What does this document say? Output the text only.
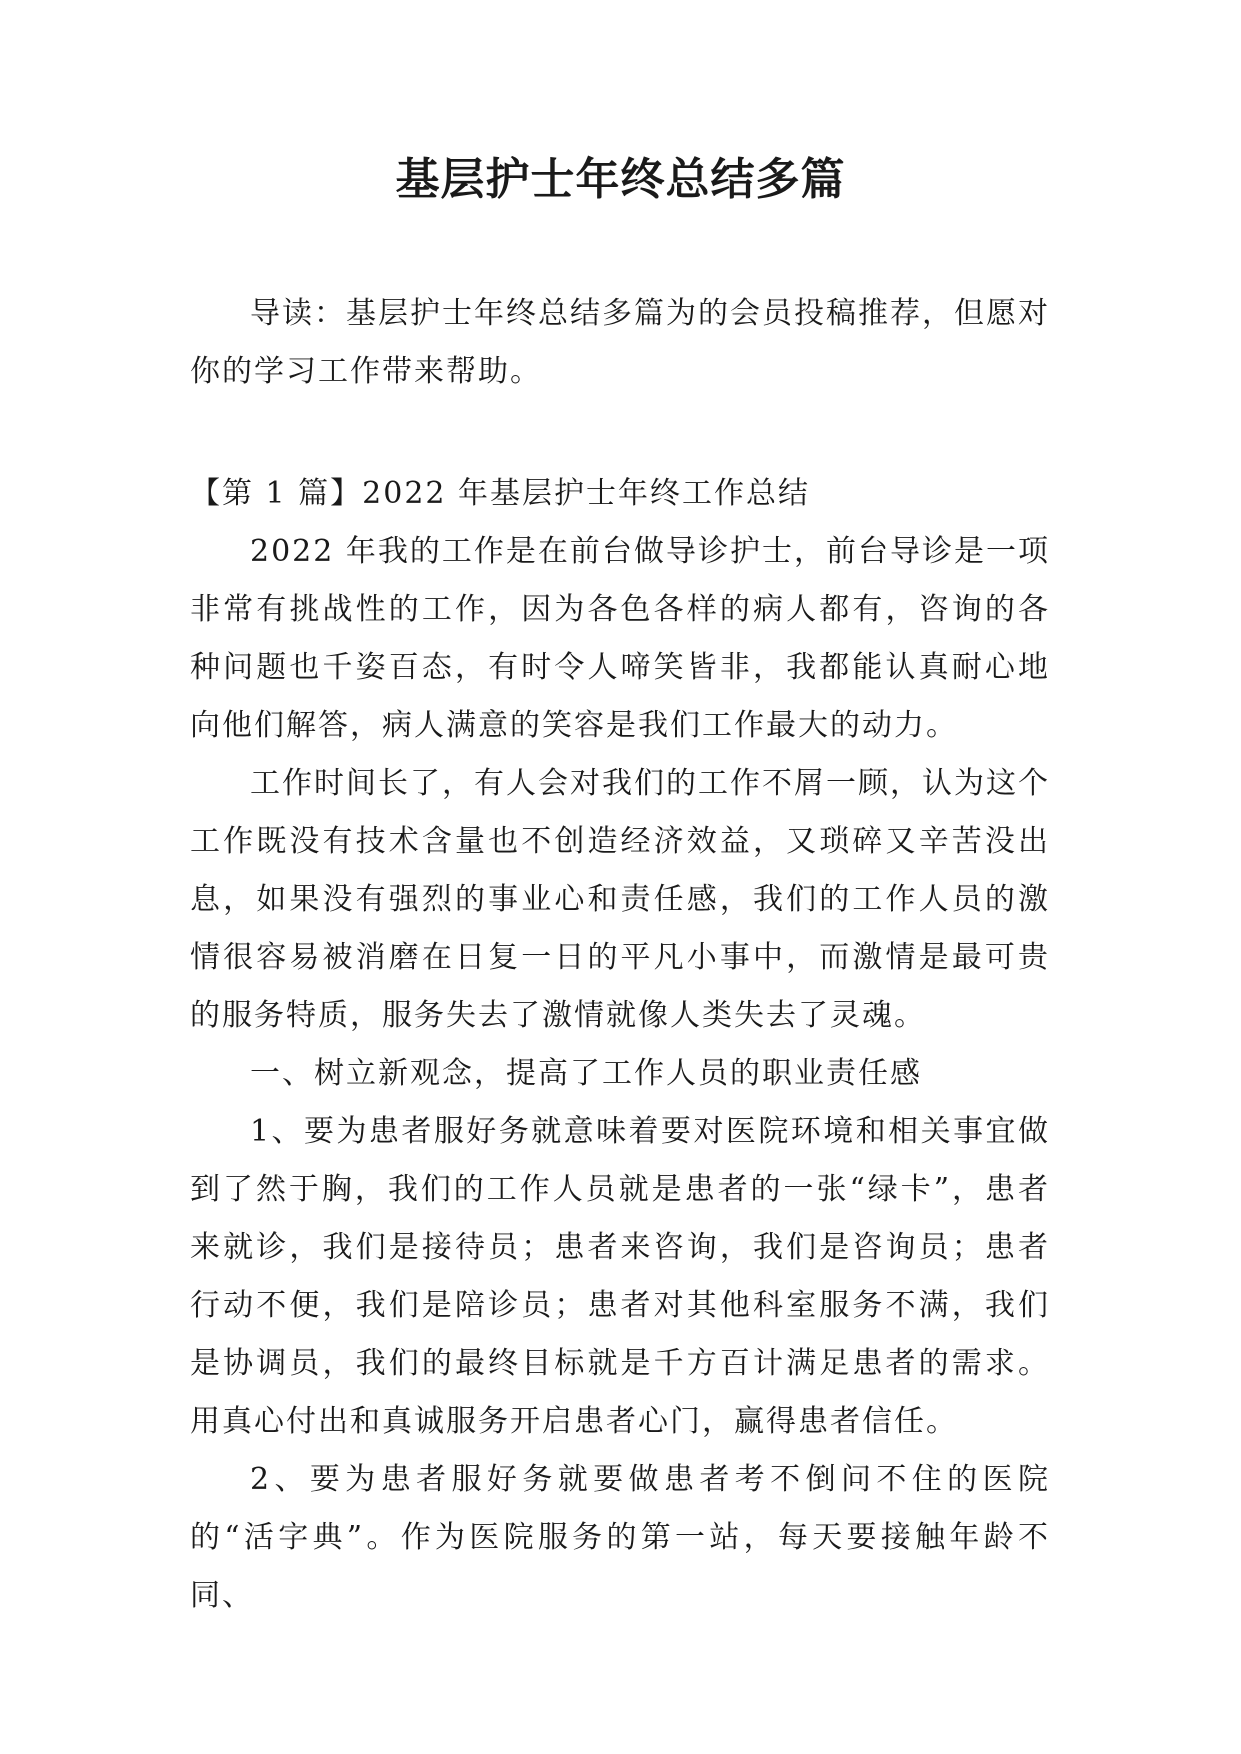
基层护士年终总结多篇

导读：基层护士年终总结多篇为的会员投稿推荐，但愿对你的学习工作带来帮助。

【第 1 篇】2022 年基层护士年终工作总结

2022 年我的工作是在前台做导诊护士，前台导诊是一项非常有挑战性的工作，因为各色各样的病人都有，咨询的各种问题也千姿百态，有时令人啼笑皆非，我都能认真耐心地向他们解答，病人满意的笑容是我们工作最大的动力。

工作时间长了，有人会对我们的工作不屑一顾，认为这个工作既没有技术含量也不创造经济效益，又琐碎又辛苦没出息，如果没有强烈的事业心和责任感，我们的工作人员的激情很容易被消磨在日复一日的平凡小事中，而激情是最可贵的服务特质，服务失去了激情就像人类失去了灵魂。

一、树立新观念，提高了工作人员的职业责任感

1、要为患者服好务就意味着要对医院环境和相关事宜做到了然于胸，我们的工作人员就是患者的一张“绿卡”，患者来就诊，我们是接待员；患者来咨询，我们是咨询员；患者行动不便，我们是陪诊员；患者对其他科室服务不满，我们是协调员，我们的最终目标就是千方百计满足患者的需求。用真心付出和真诚服务开启患者心门，赢得患者信任。

2、要为患者服好务就要做患者考不倒问不住的医院的“活字典”。作为医院服务的第一站，每天要接触年龄不同、
